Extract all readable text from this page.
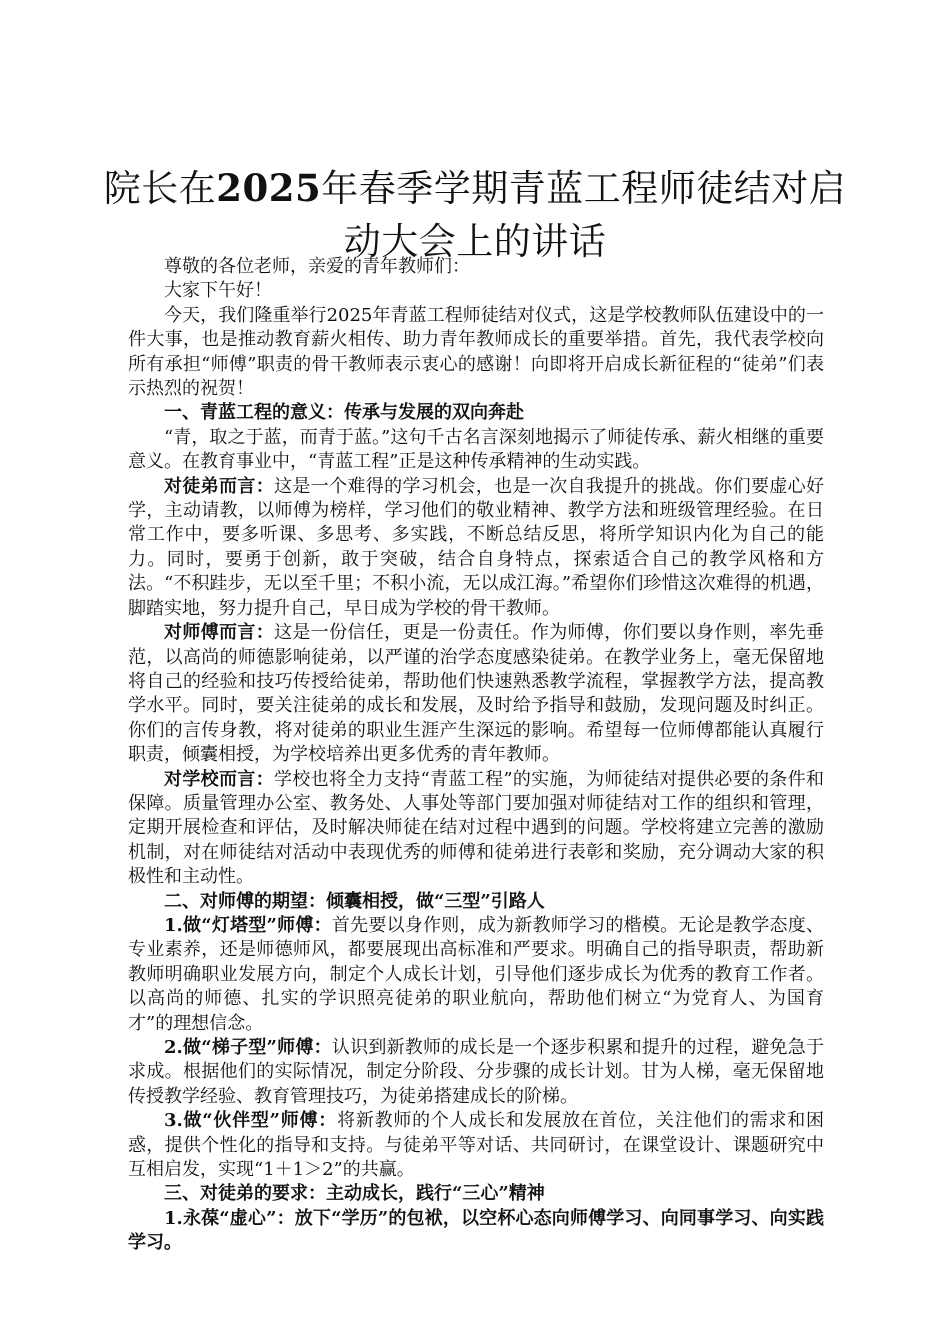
院长在2025年春季学期青蓝工程师徒结对启动大会上的讲话

尊敬的各位老师，亲爱的青年教师们：

大家下午好！

今天，我们隆重举行2025年青蓝工程师徒结对仪式，这是学校教师队伍建设中的一件大事，也是推动教育薪火相传、助力青年教师成长的重要举措。首先，我代表学校向所有承担“师傅”职责的骨干教师表示衷心的感谢！向即将开启成长新征程的“徒弟”们表示热烈的祝贺！

一、青蓝工程的意义：传承与发展的双向奔赴

“青，取之于蓝，而青于蓝。”这句千古名言深刻地揭示了师徒传承、薪火相继的重要意义。在教育事业中，“青蓝工程”正是这种传承精神的生动实践。

对徒弟而言：这是一个难得的学习机会，也是一次自我提升的挑战。你们要虚心好学，主动请教，以师傅为榜样，学习他们的敬业精神、教学方法和班级管理经验。在日常工作中，要多听课、多思考、多实践，不断总结反思，将所学知识内化为自己的能力。同时，要勇于创新，敢于突破，结合自身特点，探索适合自己的教学风格和方法。“不积跬步，无以至千里；不积小流，无以成江海。”希望你们珍惜这次难得的机遇，脚踏实地，努力提升自己，早日成为学校的骨干教师。

对师傅而言：这是一份信任，更是一份责任。作为师傅，你们要以身作则，率先垂范，以高尚的师德影响徒弟，以严谨的治学态度感染徒弟。在教学业务上，毫无保留地将自己的经验和技巧传授给徒弟，帮助他们快速熟悉教学流程，掌握教学方法，提高教学水平。同时，要关注徒弟的成长和发展，及时给予指导和鼓励，发现问题及时纠正。你们的言传身教，将对徒弟的职业生涯产生深远的影响。希望每一位师傅都能认真履行职责，倾囊相授，为学校培养出更多优秀的青年教师。

对学校而言：学校也将全力支持“青蓝工程”的实施，为师徒结对提供必要的条件和保障。质量管理办公室、教务处、人事处等部门要加强对师徒结对工作的组织和管理，定期开展检查和评估，及时解决师徒在结对过程中遇到的问题。学校将建立完善的激励机制，对在师徒结对活动中表现优秀的师傅和徒弟进行表彰和奖励，充分调动大家的积极性和主动性。

二、对师傅的期望：倾囊相授，做“三型”引路人

1.做“灯塔型”师傅：首先要以身作则，成为新教师学习的楷模。无论是教学态度、专业素养，还是师德师风，都要展现出高标准和严要求。明确自己的指导职责，帮助新教师明确职业发展方向，制定个人成长计划，引导他们逐步成长为优秀的教育工作者。以高尚的师德、扎实的学识照亮徒弟的职业航向，帮助他们树立“为党育人、为国育才”的理想信念。

2.做“梯子型”师傅：认识到新教师的成长是一个逐步积累和提升的过程，避免急于求成。根据他们的实际情况，制定分阶段、分步骤的成长计划。甘为人梯，毫无保留地传授教学经验、教育管理技巧，为徒弟搭建成长的阶梯。

3.做“伙伴型”师傅：将新教师的个人成长和发展放在首位，关注他们的需求和困惑，提供个性化的指导和支持。与徒弟平等对话、共同研讨，在课堂设计、课题研究中互相启发，实现“1＋1＞2”的共赢。

三、对徒弟的要求：主动成长，践行“三心”精神

1.永葆“虚心”：放下“学历”的包袱，以空杯心态向师傅学习、向同事学习、向实践学习。
